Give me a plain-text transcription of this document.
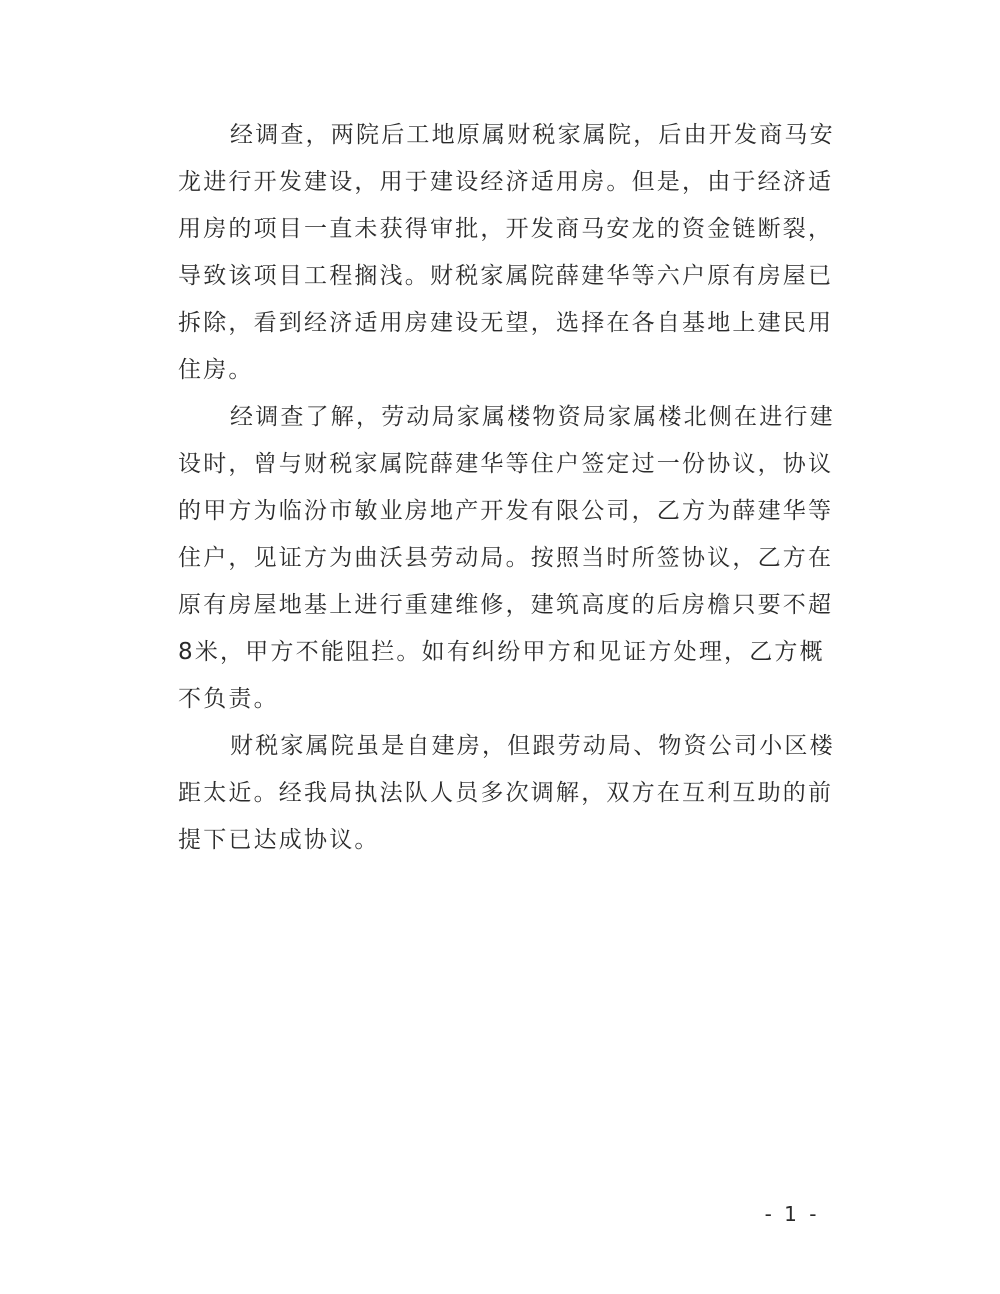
经调查，两院后工地原属财税家属院，后由开发商马安
龙进行开发建设，用于建设经济适用房。但是，由于经济适
用房的项目一直未获得审批，开发商马安龙的资金链断裂，
导致该项目工程搁浅。财税家属院薛建华等六户原有房屋已
拆除，看到经济适用房建设无望，选择在各自基地上建民用
住房。
经调查了解，劳动局家属楼物资局家属楼北侧在进行建
设时，曾与财税家属院薛建华等住户签定过一份协议，协议
的甲方为临汾市敏业房地产开发有限公司，乙方为薛建华等
住户，见证方为曲沃县劳动局。按照当时所签协议，乙方在
原有房屋地基上进行重建维修，建筑高度的后房檐只要不超
8米，甲方不能阻拦。如有纠纷甲方和见证方处理，乙方概
不负责。
财税家属院虽是自建房，但跟劳动局、物资公司小区楼
距太近。经我局执法队人员多次调解，双方在互利互助的前
提下已达成协议。
- 1 -
